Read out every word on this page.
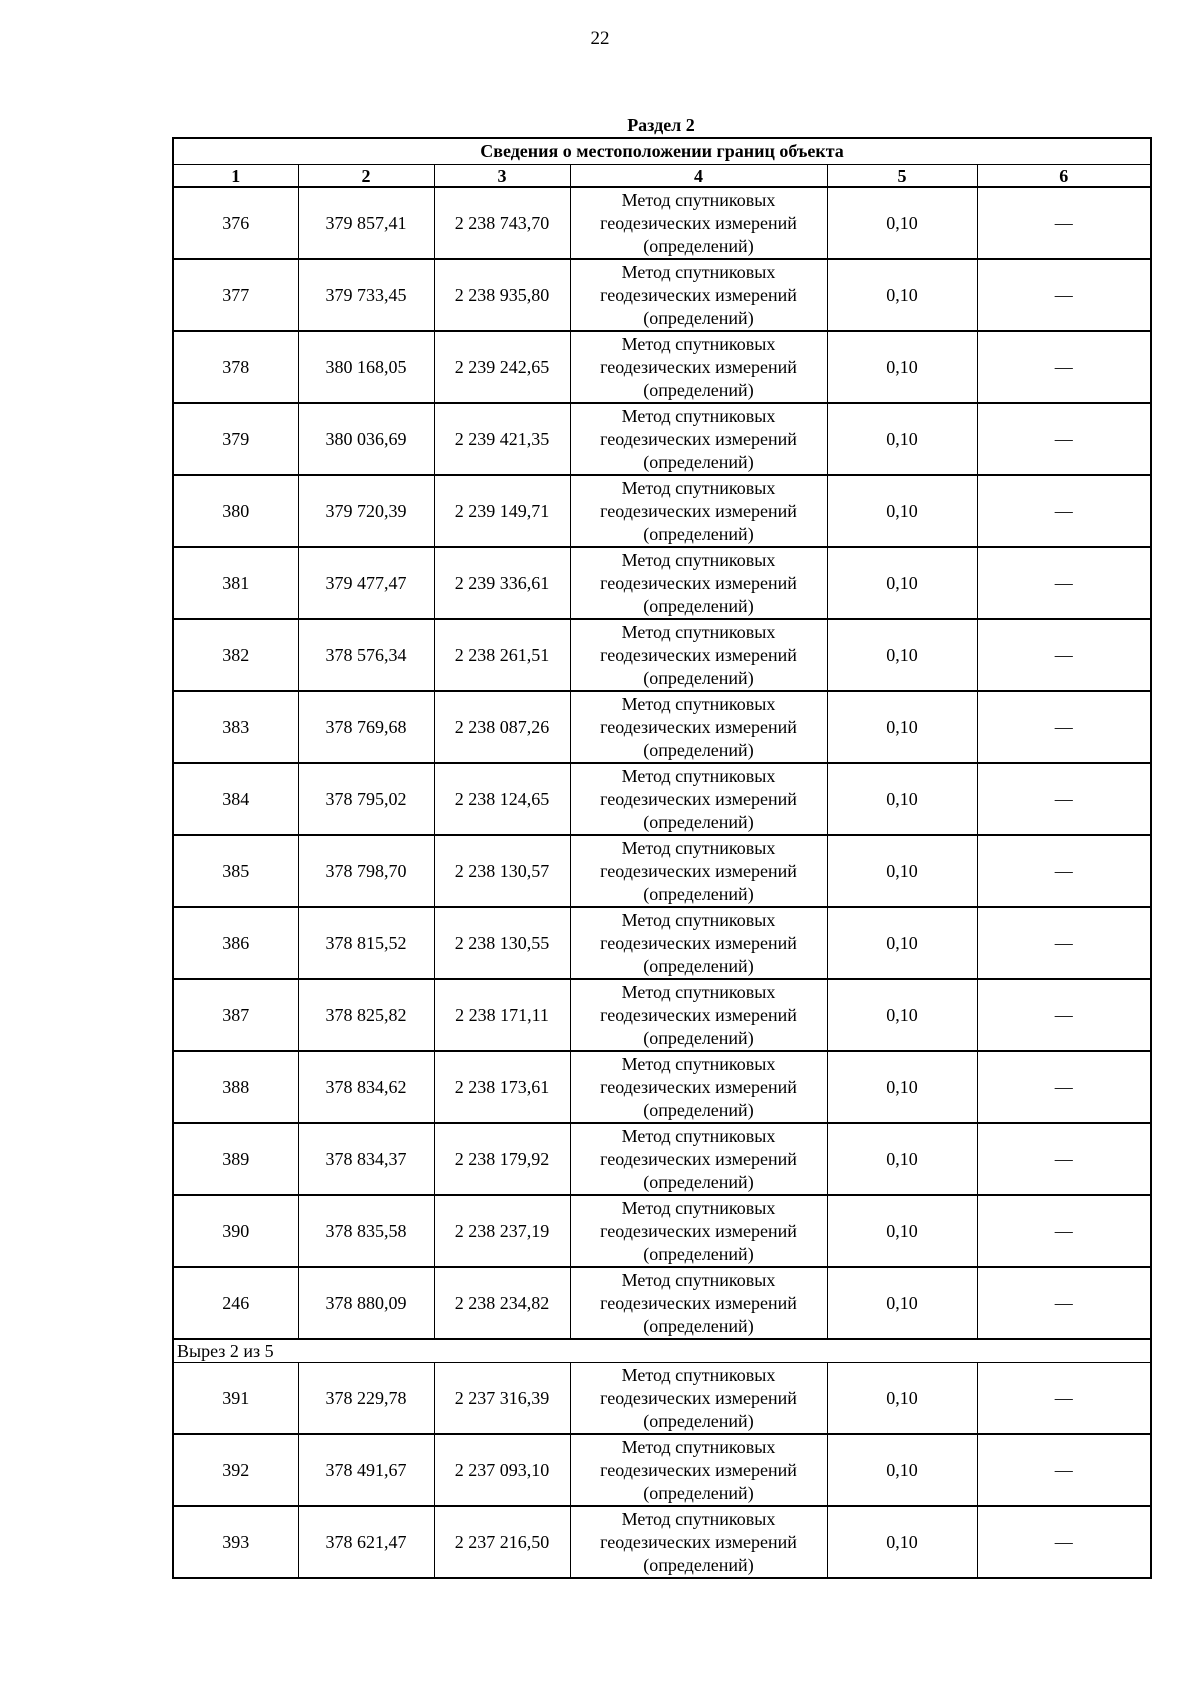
22
Раздел 2
Сведения о местоположении границ объекта					
1	2	3	4	5	6
376	379 857,41	2 238 743,70	Метод спутниковых геодезических измерений (определений)	0,10	—
377	379 733,45	2 238 935,80	Метод спутниковых геодезических измерений (определений)	0,10	—
378	380 168,05	2 239 242,65	Метод спутниковых геодезических измерений (определений)	0,10	—
379	380 036,69	2 239 421,35	Метод спутниковых геодезических измерений (определений)	0,10	—
380	379 720,39	2 239 149,71	Метод спутниковых геодезических измерений (определений)	0,10	—
381	379 477,47	2 239 336,61	Метод спутниковых геодезических измерений (определений)	0,10	—
382	378 576,34	2 238 261,51	Метод спутниковых геодезических измерений (определений)	0,10	—
383	378 769,68	2 238 087,26	Метод спутниковых геодезических измерений (определений)	0,10	—
384	378 795,02	2 238 124,65	Метод спутниковых геодезических измерений (определений)	0,10	—
385	378 798,70	2 238 130,57	Метод спутниковых геодезических измерений (определений)	0,10	—
386	378 815,52	2 238 130,55	Метод спутниковых геодезических измерений (определений)	0,10	—
387	378 825,82	2 238 171,11	Метод спутниковых геодезических измерений (определений)	0,10	—
388	378 834,62	2 238 173,61	Метод спутниковых геодезических измерений (определений)	0,10	—
389	378 834,37	2 238 179,92	Метод спутниковых геодезических измерений (определений)	0,10	—
390	378 835,58	2 238 237,19	Метод спутниковых геодезических измерений (определений)	0,10	—
246	378 880,09	2 238 234,82	Метод спутниковых геодезических измерений (определений)	0,10	—
Вырез 2 из 5					
391	378 229,78	2 237 316,39	Метод спутниковых геодезических измерений (определений)	0,10	—
392	378 491,67	2 237 093,10	Метод спутниковых геодезических измерений (определений)	0,10	—
393	378 621,47	2 237 216,50	Метод спутниковых геодезических измерений (определений)	0,10	—
